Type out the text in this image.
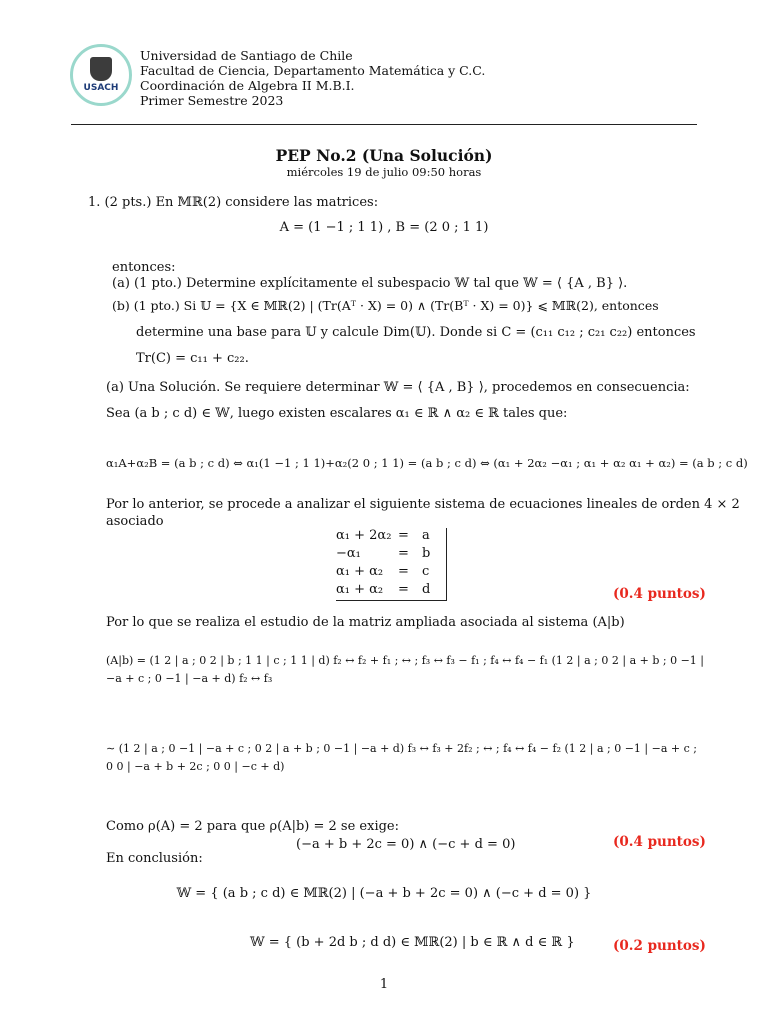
USACH
Universidad de Santiago de Chile
Facultad de Ciencia, Departamento Matemática y C.C.
Coordinación de Algebra II M.B.I.
Primer Semestre 2023
PEP No.2 (Una Solución)
miércoles 19 de julio 09:50 horas
1. (2 pts.) En 𝕄ℝ(2) considere las matrices:
A = (1 −1 ; 1 1) , B = (2 0 ; 1 1)
entonces:
(a) (1 pto.) Determine explícitamente el subespacio 𝕎 tal que 𝕎 = ⟨ {A , B} ⟩.
(b) (1 pto.) Si 𝕌 = {X ∈ 𝕄ℝ(2) | (Tr(Aᵀ · X) = 0) ∧ (Tr(Bᵀ · X) = 0)} ⩽ 𝕄ℝ(2), entonces
determine una base para 𝕌 y calcule Dim(𝕌). Donde si C = (c₁₁ c₁₂ ; c₂₁ c₂₂) entonces
Tr(C) = c₁₁ + c₂₂.
(a) Una Solución. Se requiere determinar 𝕎 = ⟨ {A , B} ⟩, procedemos en consecuencia:
Sea (a b ; c d) ∈ 𝕎, luego existen escalares α₁ ∈ ℝ ∧ α₂ ∈ ℝ tales que:
α₁A+α₂B = (a b ; c d) ⇔ α₁(1 −1 ; 1 1)+α₂(2 0 ; 1 1) = (a b ; c d) ⇔ (α₁ + 2α₂ −α₁ ; α₁ + α₂ α₁ + α₂) = (a b ; c d)
Por lo anterior, se procede a analizar el siguiente sistema de ecuaciones lineales de orden 4 × 2
asociado
α₁ + 2α₂ =	a
−α₁	=	b
α₁ + α₂	=	c
α₁ + α₂	=	d	(0.4 puntos)
Por lo que se realiza el estudio de la matriz ampliada asociada al sistema (A|b)
(A|b) = (1 2 | a ; 0 2 | b ; 1 1 | c ; 1 1 | d) f₂ ↔ f₂ + f₁ ; ↔ ; f₃ ↔ f₃ − f₁ ; f₄ ↔ f₄ − f₁ (1 2 | a ; 0 2 | a + b ; 0 −1 | −a + c ; 0 −1 | −a + d) f₂ ↔ f₃
∼ (1 2 | a ; 0 −1 | −a + c ; 0 2 | a + b ; 0 −1 | −a + d) f₃ ↔ f₃ + 2f₂ ; ↔ ; f₄ ↔ f₄ − f₂ (1 2 | a ; 0 −1 | −a + c ; 0 0 | −a + b + 2c ; 0 0 | −c + d)
Como ρ(A) = 2 para que ρ(A|b) = 2 se exige:
(−a + b + 2c = 0) ∧ (−c + d = 0)	(0.4 puntos)
En conclusión:
𝕎 = { (a b ; c d) ∈ 𝕄ℝ(2) | (−a + b + 2c = 0) ∧ (−c + d = 0) }
𝕎 = { (b + 2d b ; d d) ∈ 𝕄ℝ(2) | b ∈ ℝ ∧ d ∈ ℝ }	(0.2 puntos)
1
